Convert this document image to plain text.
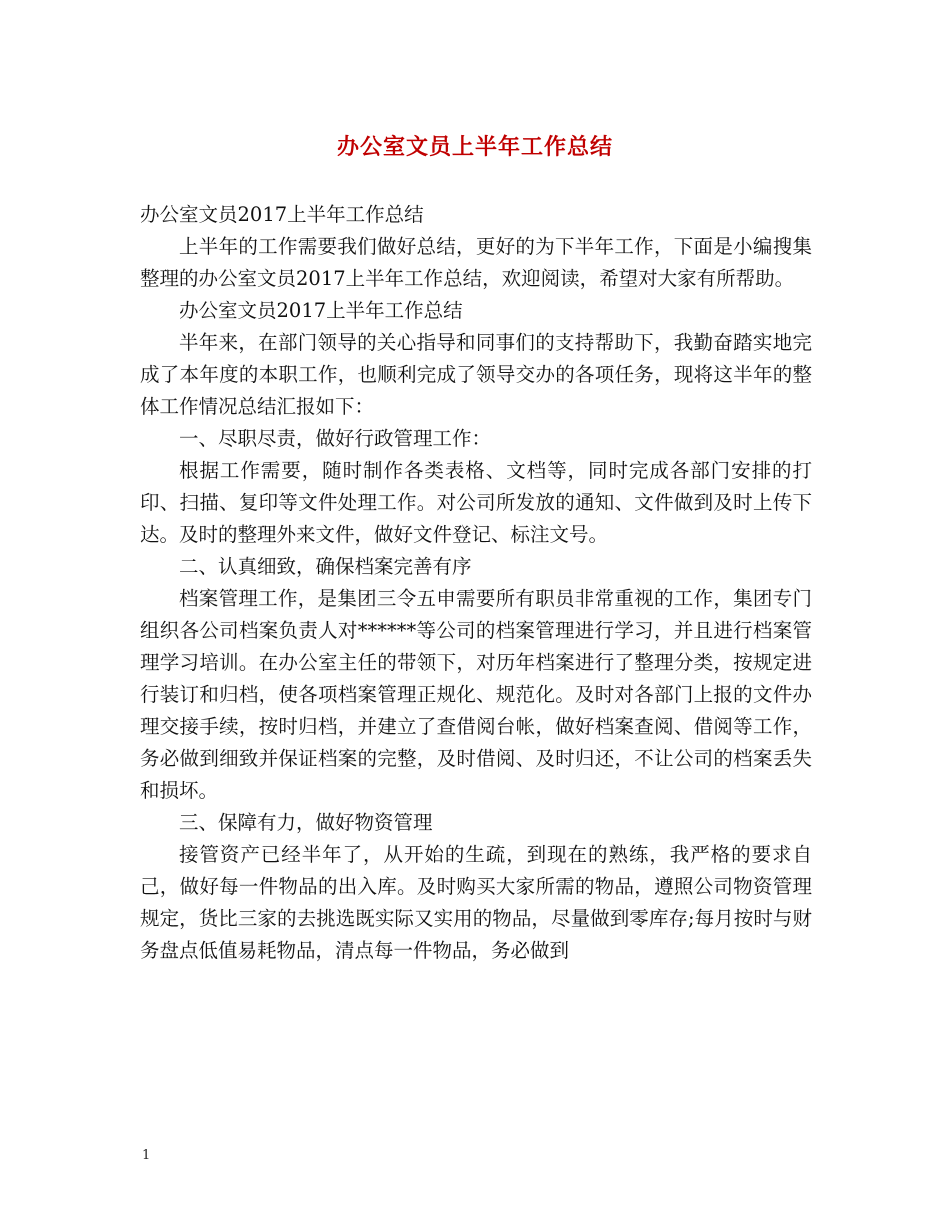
办公室文员上半年工作总结

办公室文员2017上半年工作总结

上半年的工作需要我们做好总结，更好的为下半年工作，下面是小编搜集整理的办公室文员2017上半年工作总结，欢迎阅读，希望对大家有所帮助。

办公室文员2017上半年工作总结

半年来，在部门领导的关心指导和同事们的支持帮助下，我勤奋踏实地完成了本年度的本职工作，也顺利完成了领导交办的各项任务，现将这半年的整体工作情况总结汇报如下：

一、尽职尽责，做好行政管理工作：

根据工作需要，随时制作各类表格、文档等，同时完成各部门安排的打印、扫描、复印等文件处理工作。对公司所发放的通知、文件做到及时上传下达。及时的整理外来文件，做好文件登记、标注文号。

二、认真细致，确保档案完善有序

档案管理工作，是集团三令五申需要所有职员非常重视的工作，集团专门组织各公司档案负责人对******等公司的档案管理进行学习，并且进行档案管理学习培训。在办公室主任的带领下，对历年档案进行了整理分类，按规定进行装订和归档，使各项档案管理正规化、规范化。及时对各部门上报的文件办理交接手续，按时归档，并建立了查借阅台帐，做好档案查阅、借阅等工作，务必做到细致并保证档案的完整，及时借阅、及时归还，不让公司的档案丢失和损坏。

三、保障有力，做好物资管理

接管资产已经半年了，从开始的生疏，到现在的熟练，我严格的要求自己，做好每一件物品的出入库。及时购买大家所需的物品，遵照公司物资管理规定，货比三家的去挑选既实际又实用的物品，尽量做到零库存;每月按时与财务盘点低值易耗物品，清点每一件物品，务必做到

1
